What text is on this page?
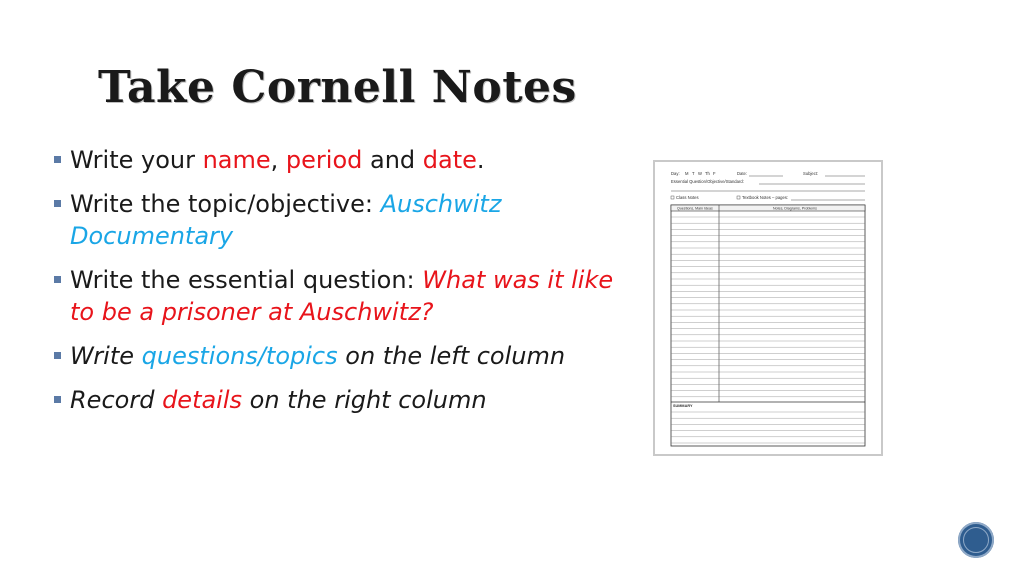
Take Cornell Notes
Write your name, period and date.
Write the topic/objective: Auschwitz Documentary
Write the essential question: What was it like to be a prisoner at Auschwitz?
Write questions/topics on the left column
Record details on the right column
Day: M T W Th F	Date:	Subject:
Essential Question/Objective/Standard:
Class Notes	Textbook Notes – pages:
Questions, Main Ideas	Notes, Diagrams, Problems
SUMMARY
